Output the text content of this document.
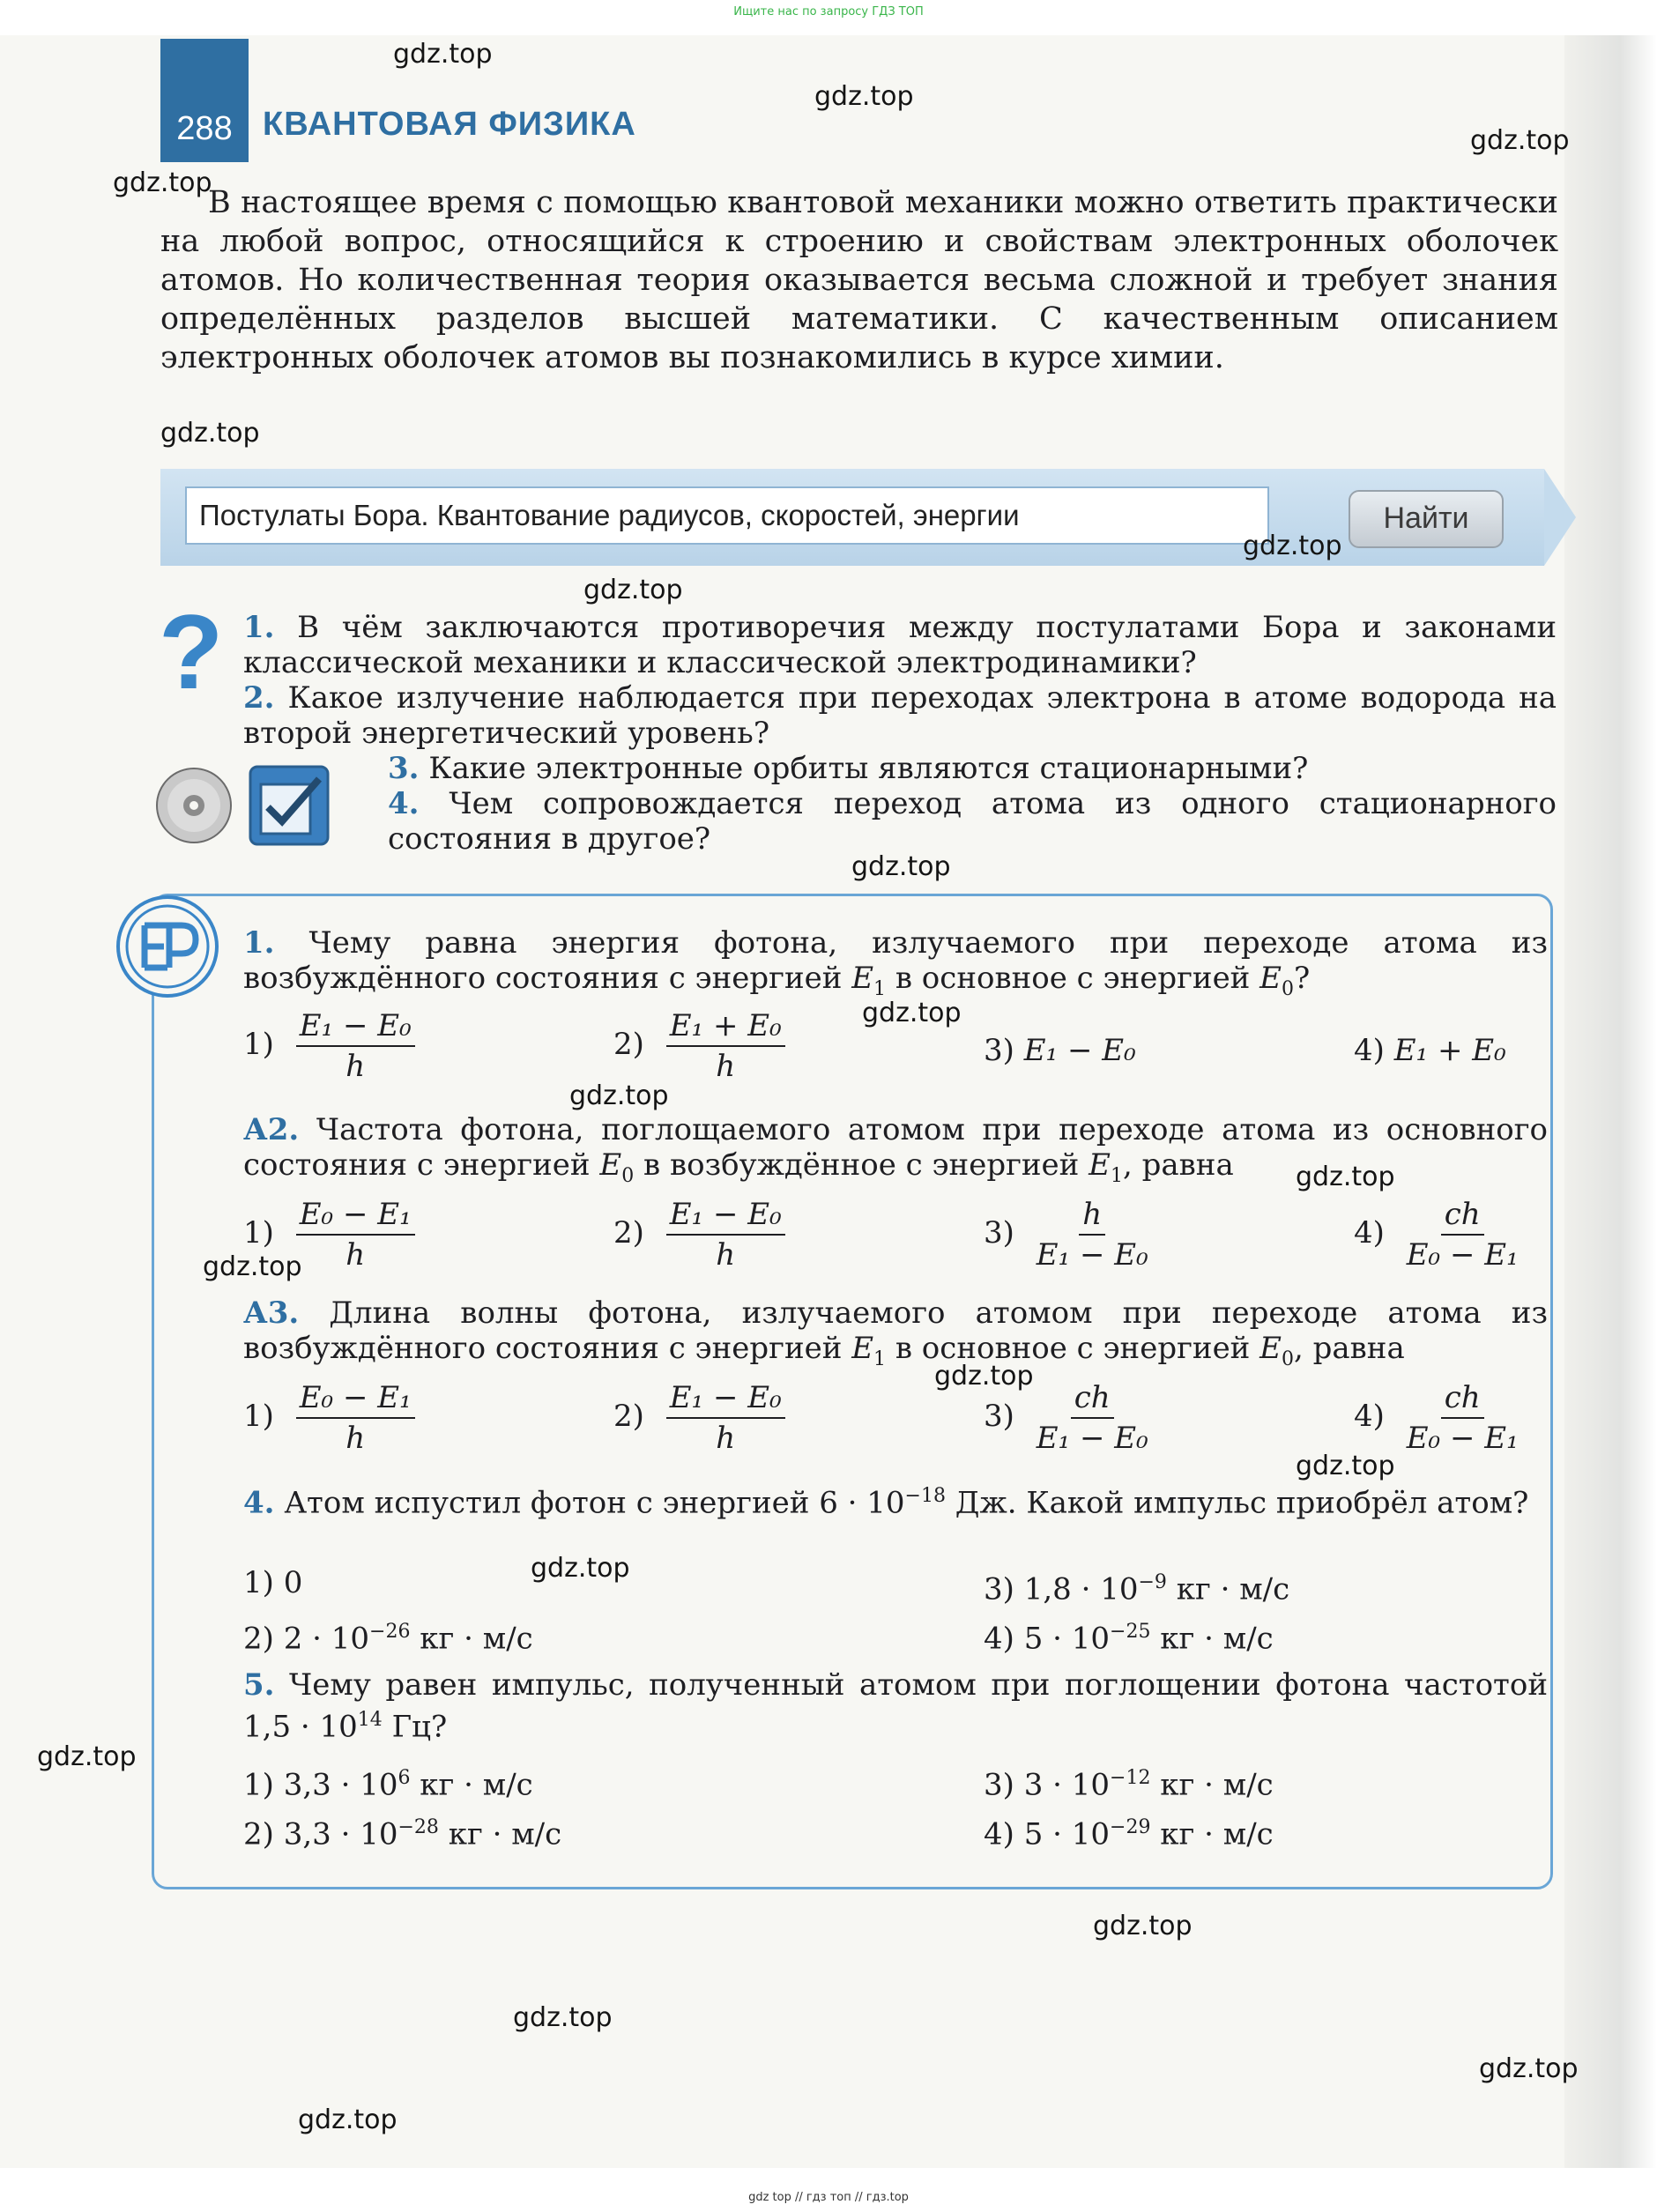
Ищите нас по запросу ГДЗ ТОП
gdz.top
gdz.top
gdz.top
gdz.top
gdz.top
gdz.top
gdz.top
gdz.top
gdz.top
gdz.top
gdz.top
gdz.top
gdz.top
gdz.top
gdz.top
gdz.top
gdz.top
gdz.top
gdz.top
gdz.top
288 КВАНТОВАЯ ФИЗИКА

В настоящее время с помощью квантовой механики можно ответить практически на любой вопрос, относящийся к строению и свойствам электронных оболочек атомов. Но количественная теория оказывается весьма сложной и требует знания определённых разделов высшей математики. С качественным описанием электронных оболочек атомов вы познакомились в курсе химии.

Постулаты Бора. Квантование радиусов, скоростей, энергии	Найти
? 1. В чём заключаются противоречия между постулатами Бора и законами классической механики и классической электродинамики?
2. Какое излучение наблюдается при переходах электрона в атоме водорода на второй энергетический уровень?
3. Какие электронные орбиты являются стационарными?
4. Чем сопровождается переход атома из одного стационарного состояния в другое?
1. Чему равна энергия фотона, излучаемого при переходе атома из возбуждённого состояния с энергией $E_1$ в основное с энергией $E_0$?
$1) \frac{\text{E₁ − E₀}}{h}$	$2) \frac{\text{E₁ + E₀}}{h}$	3) E₁ − E₀	4) E₁ + E₀
А2. Частота фотона, поглощаемого атомом при переходе атома из основного состояния с энергией $E_0$ в возбуждённое с энергией $E_1$, равна
$1) \frac{\text{E₀ − E₁}}{h}$	$2) \frac{\text{E₁ − E₀}}{h}$	$3) \frac{h}{\text{E₁ − E₀}}$	$4) \frac{ch}{\text{E₀ − E₁}}$
А3. Длина волны фотона, излучаемого атомом при переходе атома из возбуждённого состояния с энергией $E_1$ в основное с энергией $E_0$, равна
$1) \frac{\text{E₀ − E₁}}{h}$	$2) \frac{\text{E₁ − E₀}}{h}$	$3) \frac{ch}{\text{E₁ − E₀}}$	$4) \frac{ch}{\text{E₀ − E₁}}$
4. Атом испустил фотон с энергией $6 \cdot 10^{-18}$ Дж. Какой импульс приобрёл атом?
1) 0	3) $1,8 \cdot 10^{-9}$ кг · м/с
2) $2 \cdot 10^{-26}$ кг · м/с	4) $5 \cdot 10^{-25}$ кг · м/с
5. Чему равен импульс, полученный атомом при поглощении фотона частотой $1,5 \cdot 10^{14}$ Гц?
1) $3,3 \cdot 10^6$ кг · м/с	3) $3 \cdot 10^{-12}$ кг · м/с
2) $3,3 \cdot 10^{-28}$ кг · м/с	4) $5 \cdot 10^{-29}$ кг · м/с
gdz top // гдз топ // гдз.top
